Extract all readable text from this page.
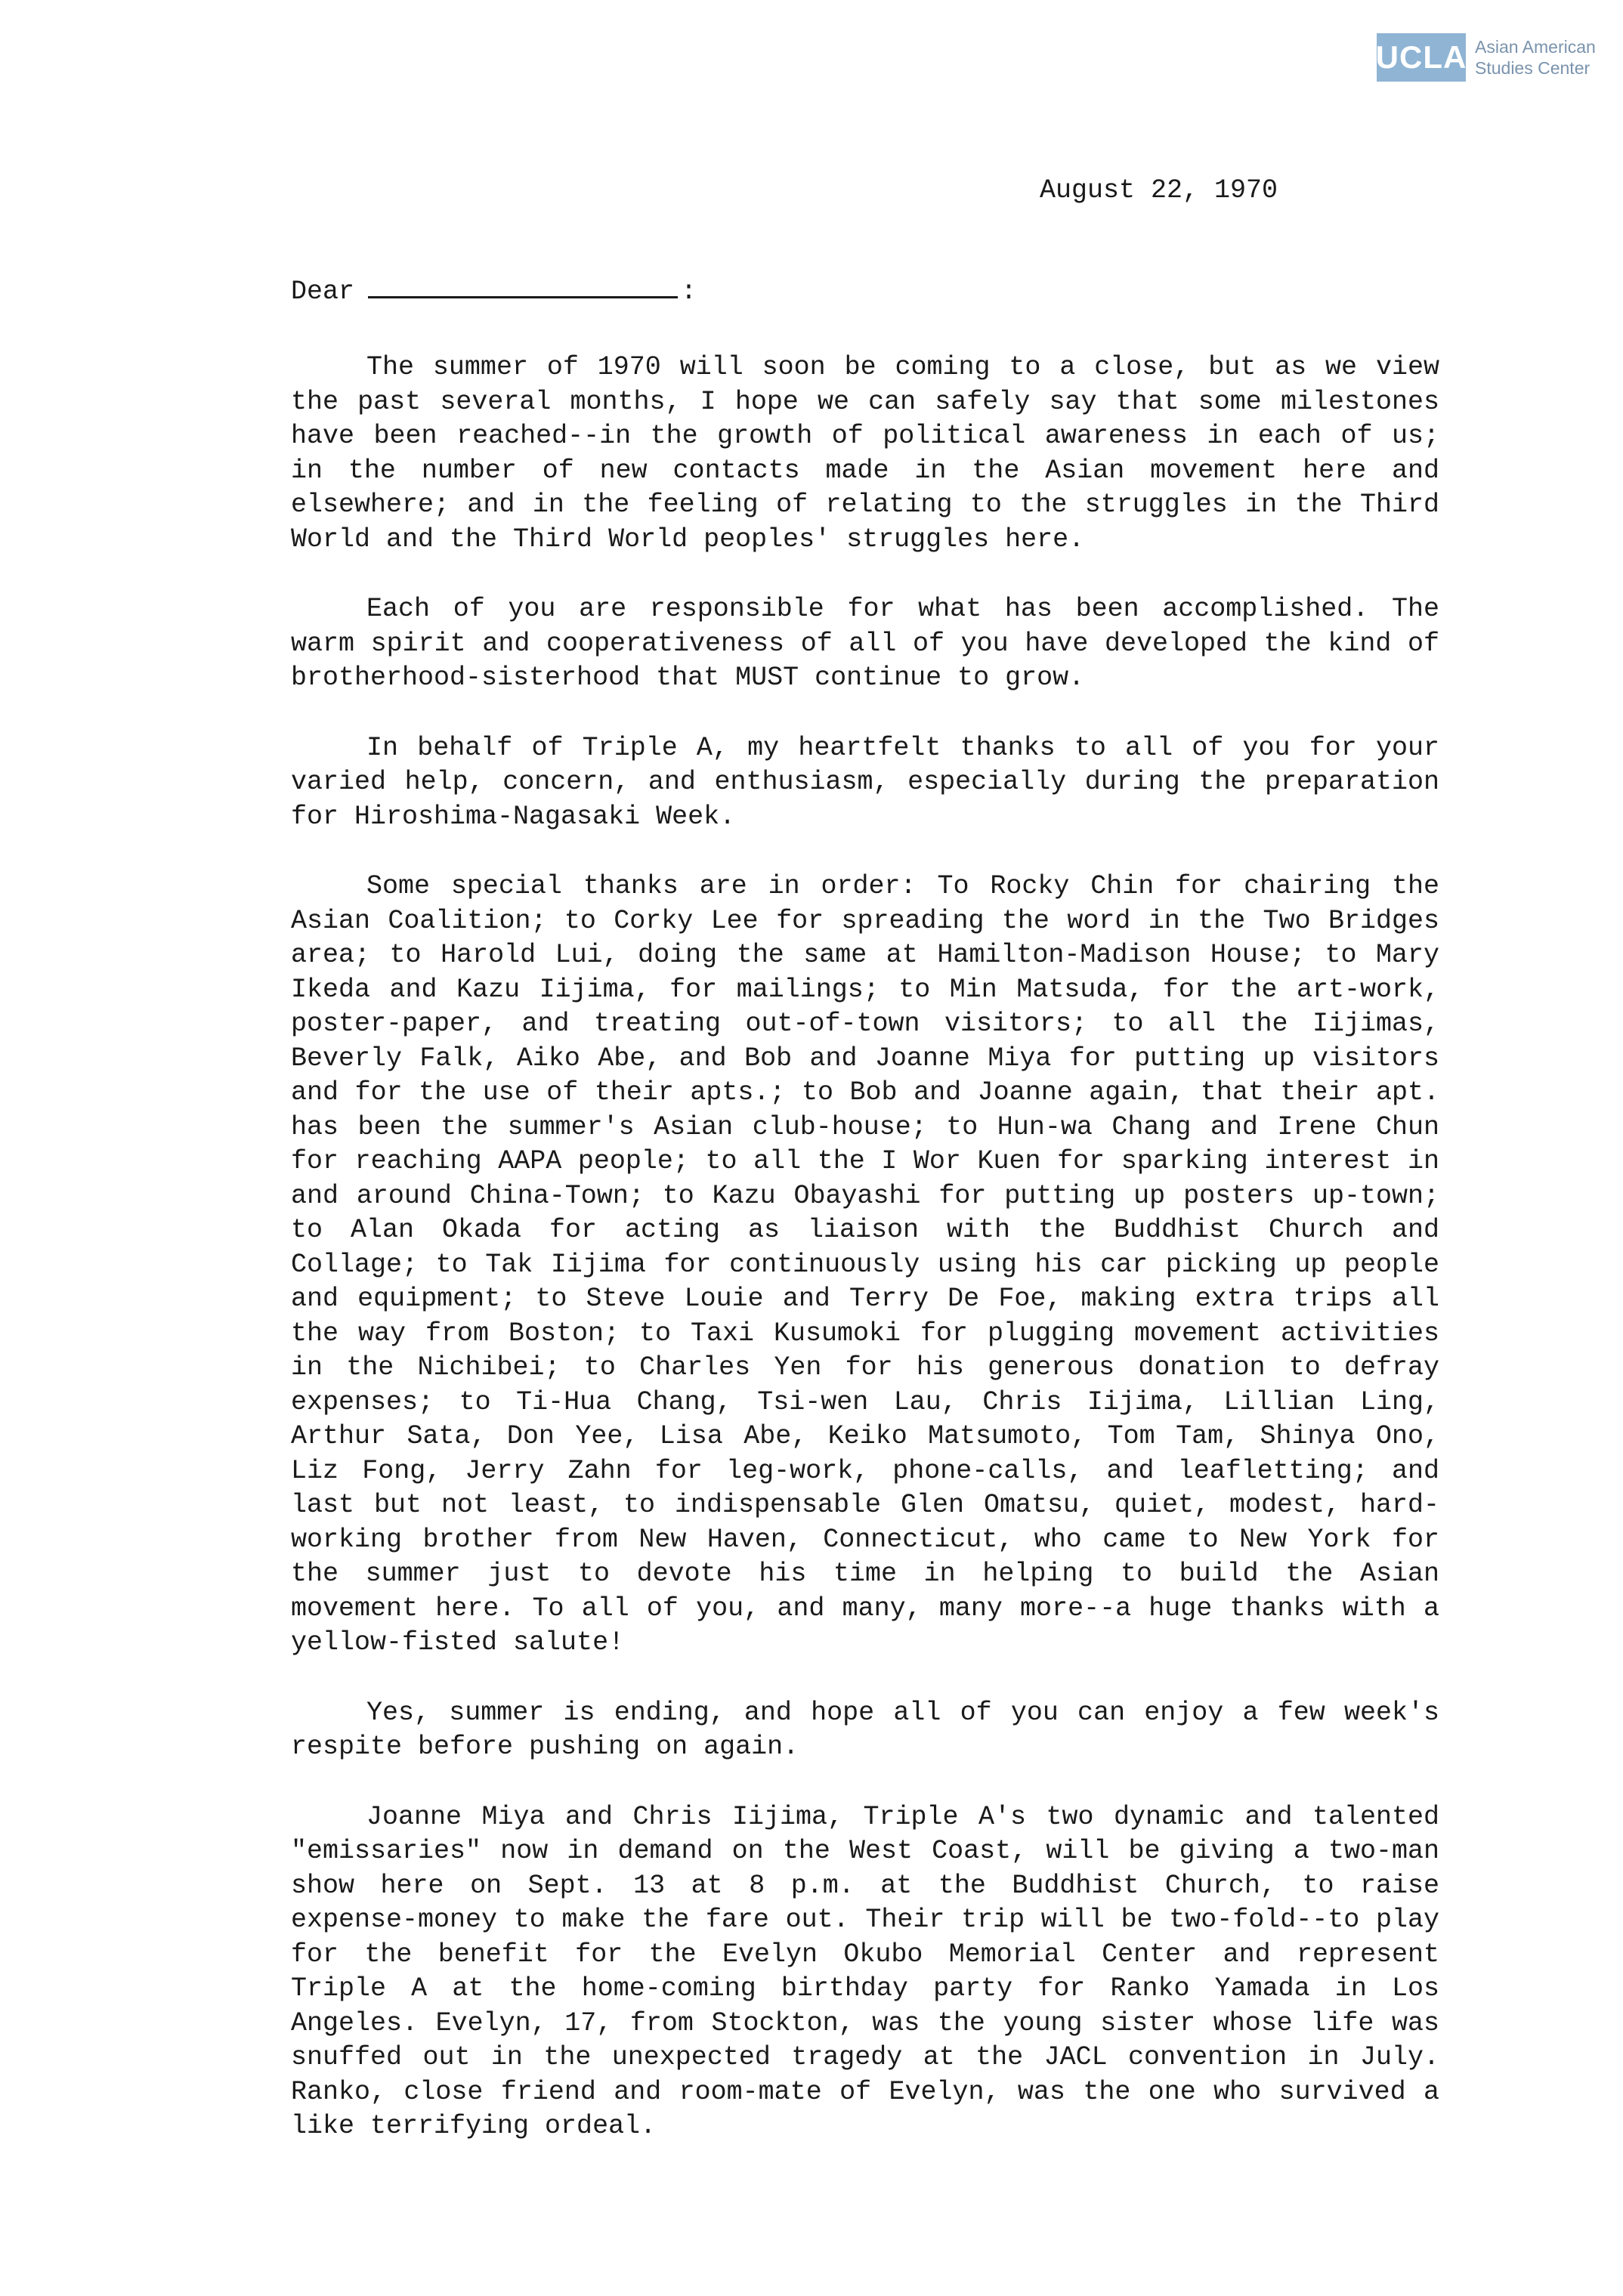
UCLA Asian American
Studies Center
August 22, 1970
Dear	:

The summer of 1970 will soon be coming to a close, but as we view the past several months, I hope we can safely say that some milestones have been reached--in the growth of political awareness in each of us; in the number of new contacts made in the Asian movement here and elsewhere; and in the feeling of relating to the struggles in the Third World and the Third World peoples' struggles here.

Each of you are responsible for what has been accomplished. The warm spirit and cooperativeness of all of you have developed the kind of brotherhood-sisterhood that MUST continue to grow.

In behalf of Triple A, my heartfelt thanks to all of you for your varied help, concern, and enthusiasm, especially during the preparation for Hiroshima-Nagasaki Week.

Some special thanks are in order: To Rocky Chin for chairing the Asian Coalition; to Corky Lee for spreading the word in the Two Bridges area; to Harold Lui, doing the same at Hamilton-Madison House; to Mary Ikeda and Kazu Iijima, for mailings; to Min Matsuda, for the art-work, poster-paper, and treating out-of-town visitors; to all the Iijimas, Beverly Falk, Aiko Abe, and Bob and Joanne Miya for putting up visitors and for the use of their apts.; to Bob and Joanne again, that their apt. has been the summer's Asian club-house; to Hun-wa Chang and Irene Chun for reaching AAPA people; to all the I Wor Kuen for sparking interest in and around China-Town; to Kazu Obayashi for putting up posters up-town; to Alan Okada for acting as liaison with the Buddhist Church and Collage; to Tak Iijima for continuously using his car picking up people and equipment; to Steve Louie and Terry De Foe, making extra trips all the way from Boston; to Taxi Kusumoki for plugging movement activities in the Nichibei; to Charles Yen for his generous donation to defray expenses; to Ti-Hua Chang, Tsi-wen Lau, Chris Iijima, Lillian Ling, Arthur Sata, Don Yee, Lisa Abe, Keiko Matsumoto, Tom Tam, Shinya Ono, Liz Fong, Jerry Zahn for leg-work, phone-calls, and leafletting; and last but not least, to indispensable Glen Omatsu, quiet, modest, hard-working brother from New Haven, Connecticut, who came to New York for the summer just to devote his time in helping to build the Asian movement here. To all of you, and many, many more--a huge thanks with a yellow-fisted salute!

Yes, summer is ending, and hope all of you can enjoy a few week's respite before pushing on again.

Joanne Miya and Chris Iijima, Triple A's two dynamic and talented "emissaries" now in demand on the West Coast, will be giving a two-man show here on Sept. 13 at 8 p.m. at the Buddhist Church, to raise expense-money to make the fare out. Their trip will be two-fold--to play for the benefit for the Evelyn Okubo Memorial Center and represent Triple A at the home-coming birthday party for Ranko Yamada in Los Angeles. Evelyn, 17, from Stockton, was the young sister whose life was snuffed out in the unexpected tragedy at the JACL convention in July. Ranko, close friend and room-mate of Evelyn, was the one who survived a like terrifying ordeal.
